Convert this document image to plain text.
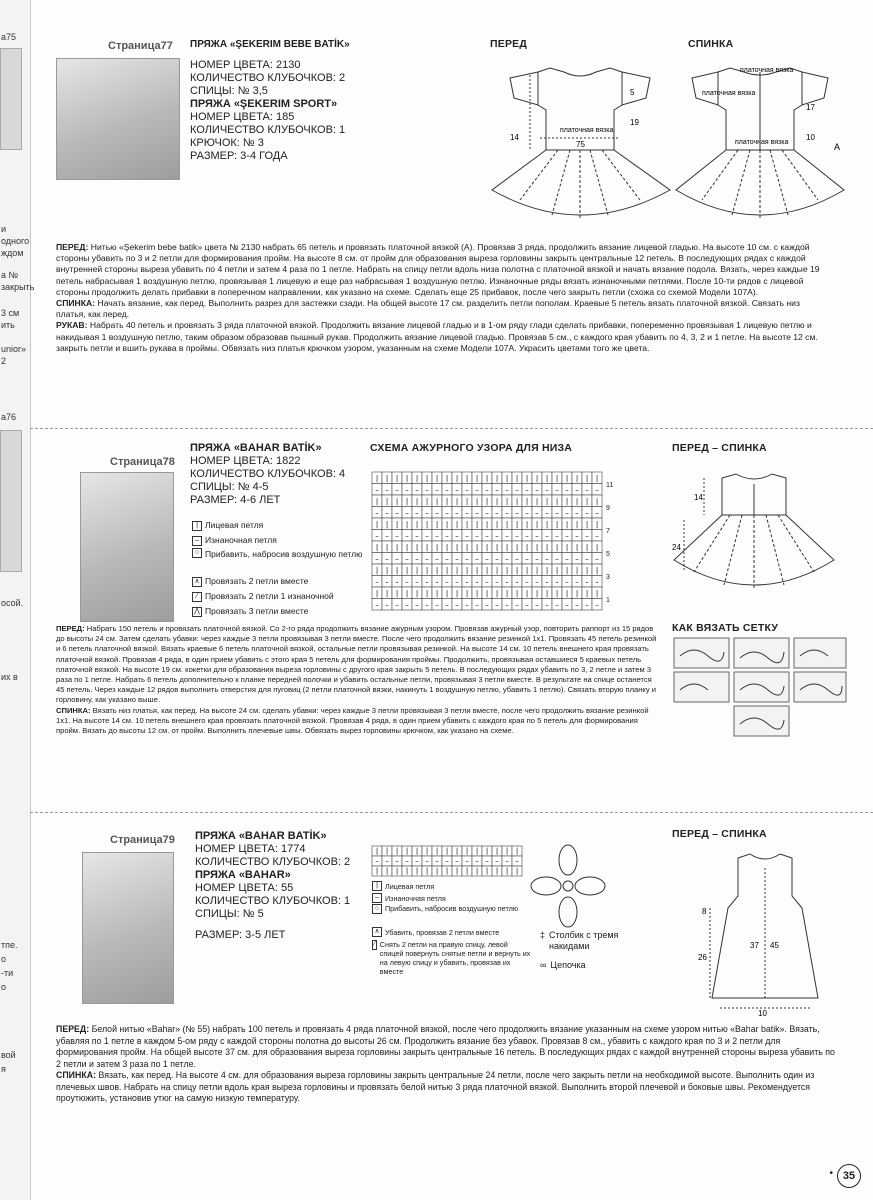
а75
и
одного
ждом
а №
закрыть
3 см
ить
unior»
2
а76
осой.
их в
тпе.
о
-ти
о
вой
я
Страница77 ПРЯЖА «ŞEKERIM BEBE BATİK»
НОМЕР ЦВЕТА: 2130
КОЛИЧЕСТВО КЛУБОЧКОВ: 2
СПИЦЫ: № 3,5
ПРЯЖА «ŞEKERIM SPORT»
НОМЕР ЦВЕТА: 185
КОЛИЧЕСТВО КЛУБОЧКОВ: 1
КРЮЧОК: № 3
РАЗМЕР: 3-4 ГОДА
ПЕРЕД	СПИНКА
платочная вязка
платочная вязка
платочная вязка
платочная вязка	A
14
5
19
75
17
10

ПЕРЕД: Нитью «Şekerim bebe batik» цвета № 2130 набрать 65 петель и провязать платочной вязкой (А). Провязав 3 ряда, продолжить вязание лицевой гладью. На высоте 10 см. с каждой стороны убавить по 3 и 2 петли для формирования пройм. На высоте 8 см. от пройм для образования выреза горловины закрыть центральные 12 петель. В последующих рядах с каждой внутренней стороны выреза убавить по 4 петли и затем 4 раза по 1 петле. Набрать на спицу петли вдоль низа полотна с платочной вязкой и начать вязание подола. Вязать, через каждые 19 петель набрасывая 1 воздушную петлю, провязывая 1 лицевую и еще раз набрасывая 1 воздушную петлю. Изнаночные ряды вязать изнаночными петлями. После 10-ти рядов с лицевой стороны продолжить делать прибавки в поперечном направлении, как указано на схеме. Сделать еще 25 прибавок, после чего закрыть петли (схожа со схемой Модели 107А).

СПИНКА: Начать вязание, как перед. Выполнить разрез для застежки сзади. На общей высоте 17 см. разделить петли пополам. Краевые 5 петель вязать платочной вязкой. Связать низ платья, как перед.

РУКАВ: Набрать 40 петель и провязать 3 ряда платочной вязкой. Продолжить вязание лицевой гладью и в 1-ом ряду глади сделать прибавки, попеременно провязывая 1 лицевую петлю и накидывая 1 воздушную петлю, таким образом образовав пышный рукав. Продолжить вязание лицевой гладью. Провязав 5 см., с каждого края убавить по 4, 3, 2 и 1 петле. На высоте 12 см. закрыть петли и вшить рукава в проймы. Обвязать низ платья крючком узором, указанным на схеме Модели 107А. Украсить цветами того же цвета.

Страница78
ПРЯЖА «BAHAR BATİK»
НОМЕР ЦВЕТА: 1822
КОЛИЧЕСТВО КЛУБОЧКОВ: 4
СПИЦЫ: № 4-5
РАЗМЕР: 4-6 ЛЕТ
| Лицевая петля
– Изнаночная петля
○ Прибавить, набросив воздушную петлю
∧ Провязать 2 петли вместе
⁄ Провязать 2 петли 1 изнаночной
⋀ Провязать 3 петли вместе
СХЕМА АЖУРНОГО УЗОРА ДЛЯ НИЗА
| | | | | | | | | | | | | | | | | | | | | | |
– – – – – – – – – – – – – – – – – – – – – – –
| | | | | | | | | | | | | | | | | | | | | | |
– – – – – – – – – – – – – – – – – – – – – – –
| | | | | | | | | | | | | | | | | | | | | | |
– – – – – – – – – – – – – – – – – – – – – – –
| | | | | | | | | | | | | | | | | | | | | | |
– – – – – – – – – – – – – – – – – – – – – – –
| | | | | | | | | | | | | | | | | | | | | | |
– – – – – – – – – – – – – – – – – – – – – – –
| | | | | | | | | | | | | | | | | | | | | | |
– – – – – – – – – – – – – – – – – – – – – – –
11
9
7
5
3
1
ПЕРЕД – СПИНКА
24
14
КАК ВЯЗАТЬ СЕТКУ

ПЕРЕД: Набрать 150 петель и провязать платочной вязкой. Со 2-го ряда продолжить вязание ажурным узором. Провязав ажурный узор, повторить раппорт из 15 рядов до высоты 24 см. Затем сделать убавки: через каждые 3 петли провязывая 3 петли вместе. После чего продолжить вязание резинкой 1х1. Провязать 45 петель резинкой и 6 петель платочной вязкой. Вязать краевые 6 петель платочной вязкой, остальные петли провязывая резинкой. На высоте 14 см. 10 петель внешнего края провязать платочной вязкой. Провязав 4 ряда, в один прием убавить с этого края 5 петель для формирования проймы. Продолжить, провязывая оставшиеся 5 краевых петель платочной вязкой. На высоте 19 см. кокетки для образования выреза горловины с другого края закрыть 5 петель. В последующих рядах убавить по 3, 2 петле и затем 3 раза по 1 петле. Набрать 6 петель дополнительно к планке передней полочки и убавить остальные петли, провязывая 3 петли вместе. В результате на спице останется 45 петель. Через каждые 12 рядов выполнить отверстия для пуговиц (2 петли платочной вязки, накинуть 1 воздушную петлю, убавить 1 петлю). Связать вторую планку и горловину, как указано выше.

СПИНКА: Вязать низ платья, как перед. На высоте 24 см. сделать убавки: через каждые 3 петли провязывая 3 петли вместе, после чего продолжить вязание резинкой 1х1. На высоте 14 см. 10 петель внешнего края провязать платочной вязкой. Провязав 4 ряда, в один прием убавить с каждого края по 5 петель для формирования пройм. Вязать до высоты 12 см. от пройм. Выполнить плечевые швы. Обвязать вырез горловины крючком, как указано на схеме.

Страница79 ПРЯЖА «BAHAR BATİK»
НОМЕР ЦВЕТА: 1774
КОЛИЧЕСТВО КЛУБОЧКОВ: 2
ПРЯЖА «BAHAR»
НОМЕР ЦВЕТА: 55
КОЛИЧЕСТВО КЛУБОЧКОВ: 1
СПИЦЫ: № 5
РАЗМЕР: 3-5 ЛЕТ
| | | | | | | | | | | | | | |
– – – – – – – – – – – – – – –
| | | | | | | | | | | | | | |
| Лицевая петля
– Изнаночная петля
○ Прибавить, набросив воздушную петлю
∧ Убавить, провязав 2 петли вместе
⁄ Снять 2 петли на правую спицу, левой спицей повернуть снятые петли и вернуть их на левую спицу и убавить, провязав их вместе
‡ Столбик с тремя накидами
∞ Цепочка
ПЕРЕД – СПИНКА
26
37 45
8
10

ПЕРЕД: Белой нитью «Bahar» (№ 55) набрать 100 петель и провязать 4 ряда платочной вязкой, после чего продолжить вязание указанным на схеме узором нитью «Bahar batik». Вязать, убавляя по 1 петле в каждом 5-ом ряду с каждой стороны полотна до высоты 26 см. Продолжить вязание без убавок. Провязав 8 см., убавить с каждого края по 3 и 2 петли для формирования пройм. На общей высоте 37 см. для образования выреза горловины закрыть центральные 16 петель. В последующих рядах с каждой внутренней стороны выреза убавить по 2 петли и затем 3 раза по 1 петле.

СПИНКА: Вязать, как перед. На высоте 4 см. для образования выреза горловины закрыть центральные 24 петли, после чего закрыть петли на необходимой высоте. Выполнить один из плечевых швов. Набрать на спицу петли вдоль края выреза горловины и провязать белой нитью 3 ряда платочной вязкой. Выполнить второй плечевой и боковые швы. Рекомендуется проутюжить, установив утюг на самую низкую температуру.

• 35
